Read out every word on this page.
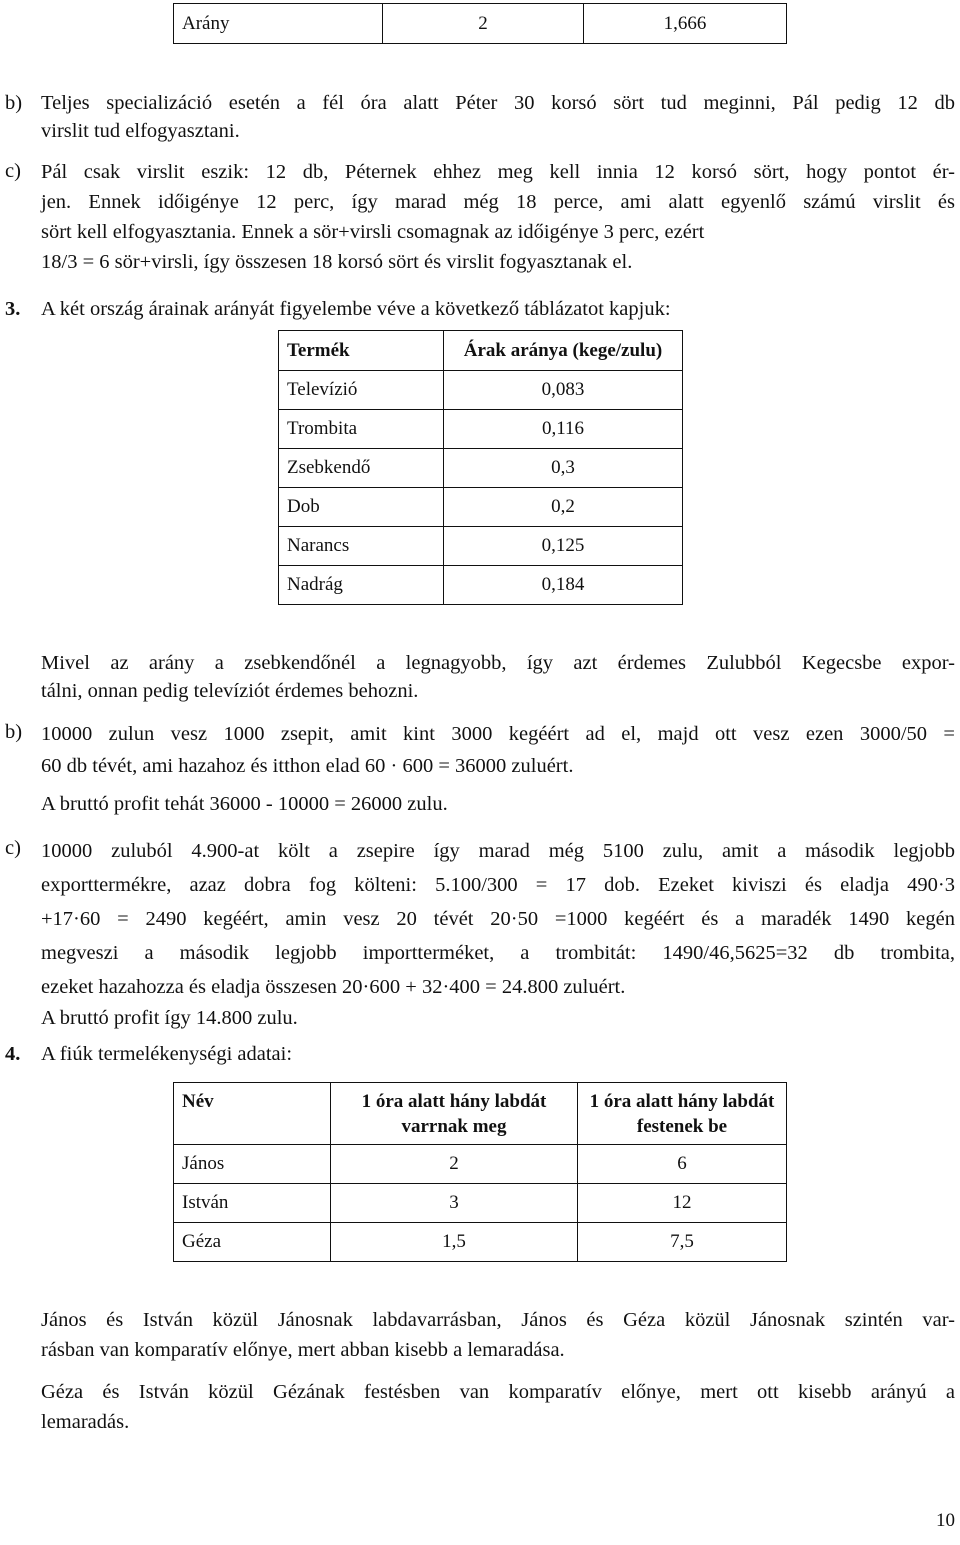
Arány	2	1,666
b) Teljes specializáció esetén a fél óra alatt Péter 30 korsó sört tud meginni, Pál pedig 12 db
virslit tud elfogyasztani.
c) Pál csak virslit eszik: 12 db, Péternek ehhez meg kell innia 12 korsó sört, hogy pontot ér-
jen. Ennek időigénye 12 perc, így marad még 18 perce, ami alatt egyenlő számú virslit és
sört kell elfogyasztania. Ennek a sör+virsli csomagnak az időigénye 3 perc, ezért
18/3 = 6 sör+virsli, így összesen 18 korsó sört és virslit fogyasztanak el.
3. A két ország árainak arányát figyelembe véve a következő táblázatot kapjuk:
Termék	Árak aránya (kege/zulu)
Televízió	0,083
Trombita	0,116
Zsebkendő	0,3
Dob	0,2
Narancs	0,125
Nadrág	0,184
Mivel az arány a zsebkendőnél a legnagyobb, így azt érdemes Zulubból Kegecsbe expor-
tálni, onnan pedig televíziót érdemes behozni.
b) 10000 zulun vesz 1000 zsepit, amit kint 3000 kegéért ad el, majd ott vesz ezen 3000/50 =
60 db tévét, ami hazahoz és itthon elad 60 · 600 = 36000 zuluért.
A bruttó profit tehát 36000 - 10000 = 26000 zulu.
c) 10000 zuluból 4.900-at költ a zsepire így marad még 5100 zulu, amit a második legjobb
exporttermékre, azaz dobra fog költeni: 5.100/300 = 17 dob. Ezeket kiviszi és eladja 490·3
+17·60 = 2490 kegéért, amin vesz 20 tévét 20·50 =1000 kegéért és a maradék 1490 kegén
megveszi a második legjobb importterméket, a trombitát: 1490/46,5625=32 db trombita,
ezeket hazahozza és eladja összesen 20·600 + 32·400 = 24.800 zuluért.
A bruttó profit így 14.800 zulu.
4. A fiúk termelékenységi adatai:
Név	1 óra alatt hány labdát varrnak meg	1 óra alatt hány labdát festenek be
János	2	6
István	3	12
Géza	1,5	7,5
János és István közül Jánosnak labdavarrásban, János és Géza közül Jánosnak szintén var-
rásban van komparatív előnye, mert abban kisebb a lemaradása.
Géza és István közül Gézának festésben van komparatív előnye, mert ott kisebb arányú a
lemaradás.
10
